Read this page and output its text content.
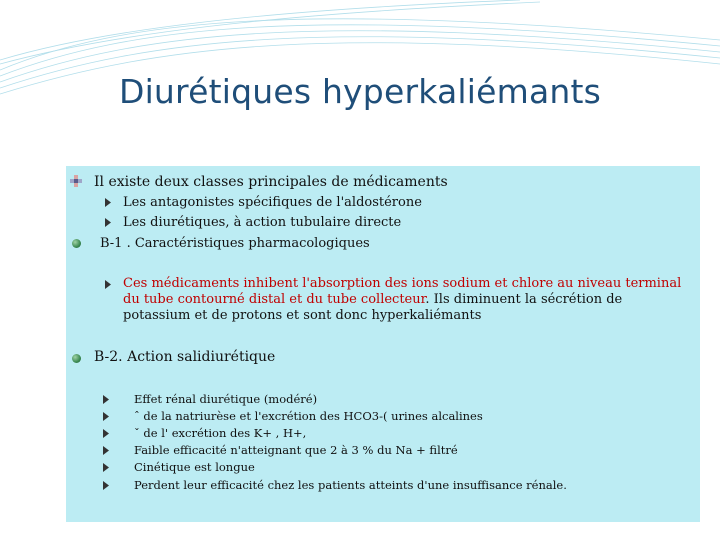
Diurétiques hyperkaliémants
Il existe deux classes principales de médicaments
Les antagonistes spécifiques de l'aldostérone
Les diurétiques, à action tubulaire directe
B-1 . Caractéristiques pharmacologiques
Ces médicaments inhibent l'absorption des ions sodium et chlore au niveau terminal du tube contourné distal et du tube collecteur. Ils diminuent la sécrétion de potassium et de protons et sont donc hyperkaliémants
B-2. Action salidiurétique
Effet rénal diurétique (modéré)
ˆ de la natriurèse et l'excrétion des HCO3-( urines alcalines
ˇ de l' excrétion des K+ , H+,
Faible efficacité n'atteignant que 2 à 3 % du Na + filtré
Cinétique est longue
Perdent leur efficacité chez les patients atteints d'une insuffisance rénale.
